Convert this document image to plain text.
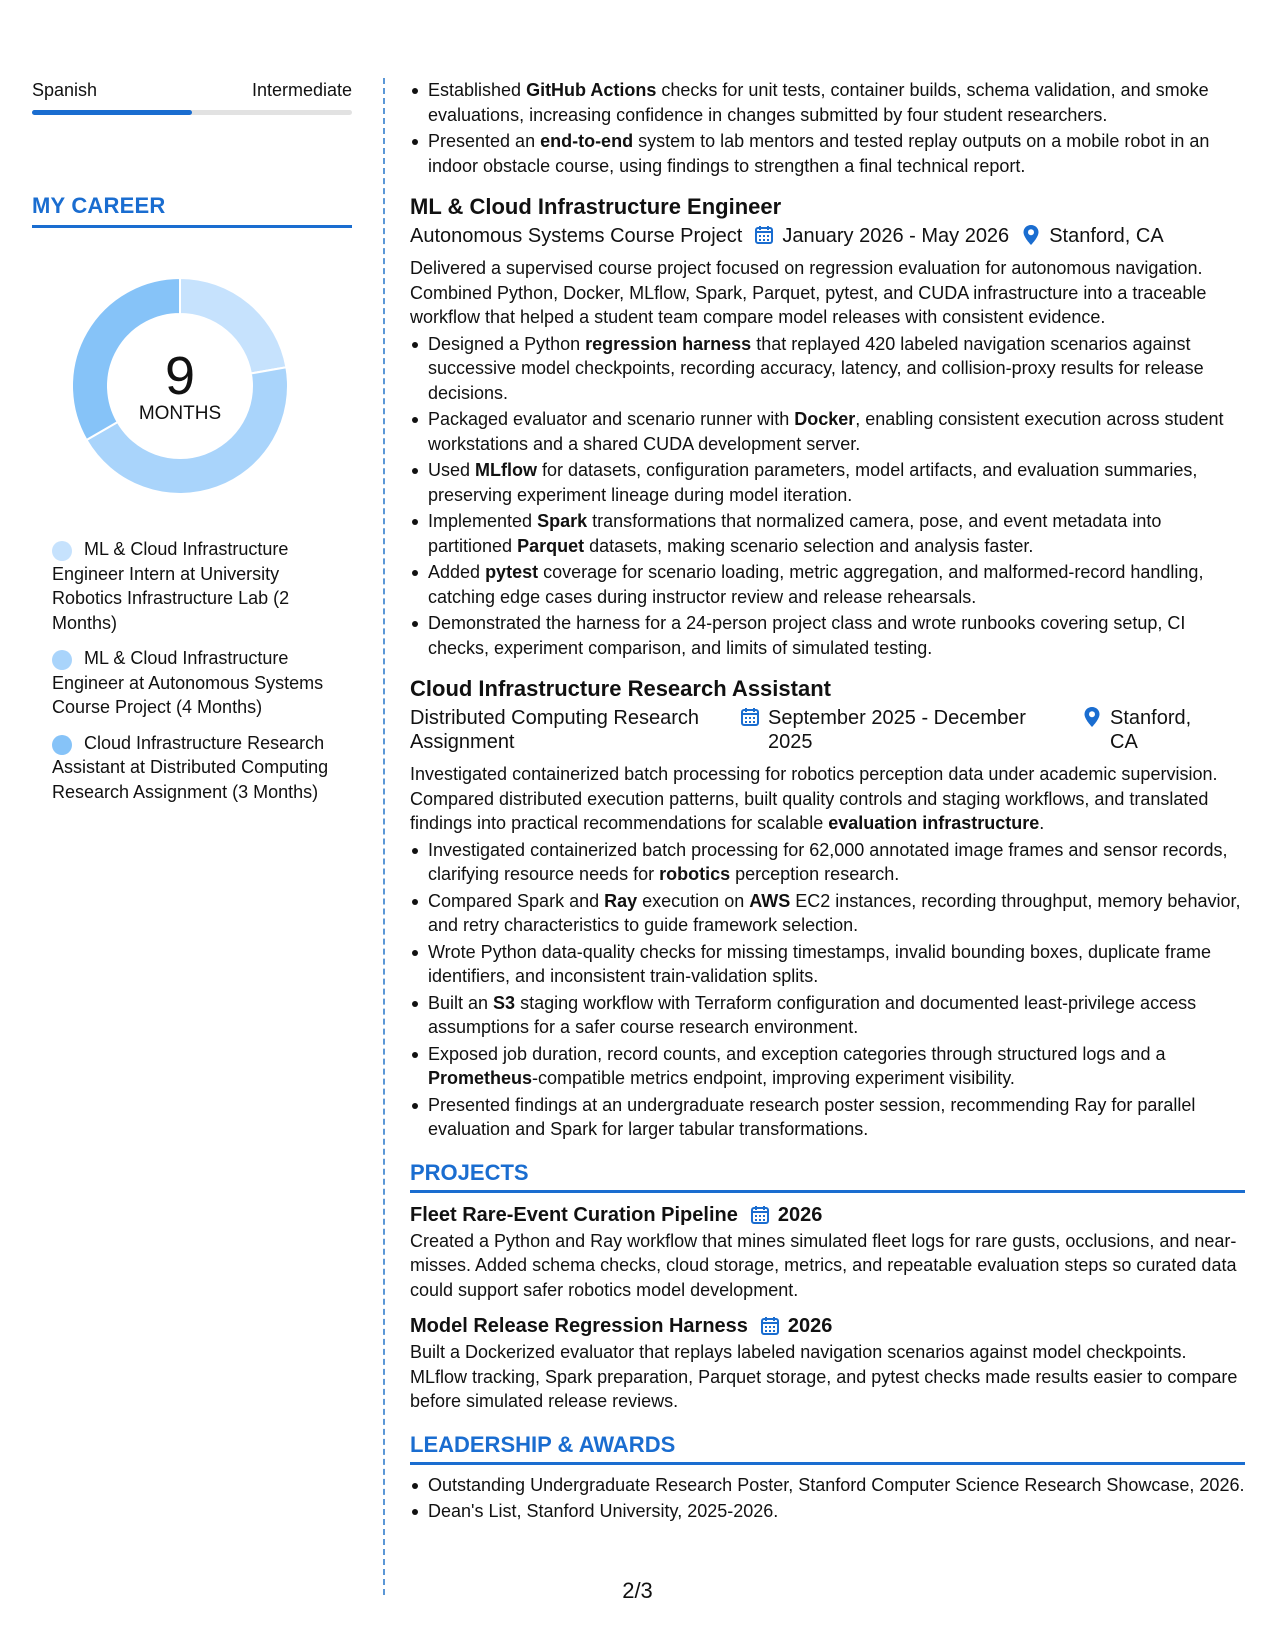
Spanish	Intermediate
MY CAREER
9
MONTHS
ML & Cloud Infrastructure Engineer Intern at University Robotics Infrastructure Lab (2 Months)
ML & Cloud Infrastructure Engineer at Autonomous Systems Course Project (4 Months)
Cloud Infrastructure Research Assistant at Distributed Computing Research Assignment (3 Months)
Established GitHub Actions checks for unit tests, container builds, schema validation, and smoke evaluations, increasing confidence in changes submitted by four student researchers.
Presented an end-to-end system to lab mentors and tested replay outputs on a mobile robot in an indoor obstacle course, using findings to strengthen a final technical report.
ML & Cloud Infrastructure Engineer
Autonomous Systems Course Project January 2026 - May 2026 Stanford, CA

Delivered a supervised course project focused on regression evaluation for autonomous navigation. Combined Python, Docker, MLflow, Spark, Parquet, pytest, and CUDA infrastructure into a traceable workflow that helped a student team compare model releases with consistent evidence.

Designed a Python regression harness that replayed 420 labeled navigation scenarios against successive model checkpoints, recording accuracy, latency, and collision-proxy results for release decisions.
Packaged evaluator and scenario runner with Docker, enabling consistent execution across student workstations and a shared CUDA development server.
Used MLflow for datasets, configuration parameters, model artifacts, and evaluation summaries, preserving experiment lineage during model iteration.
Implemented Spark transformations that normalized camera, pose, and event metadata into partitioned Parquet datasets, making scenario selection and analysis faster.
Added pytest coverage for scenario loading, metric aggregation, and malformed-record handling, catching edge cases during instructor review and release rehearsals.
Demonstrated the harness for a 24-person project class and wrote runbooks covering setup, CI checks, experiment comparison, and limits of simulated testing.
Cloud Infrastructure Research Assistant
Distributed Computing Research Assignment
September 2025 - December 2025
Stanford, CA

Investigated containerized batch processing for robotics perception data under academic supervision. Compared distributed execution patterns, built quality controls and staging workflows, and translated findings into practical recommendations for scalable evaluation infrastructure.

Investigated containerized batch processing for 62,000 annotated image frames and sensor records, clarifying resource needs for robotics perception research.
Compared Spark and Ray execution on AWS EC2 instances, recording throughput, memory behavior, and retry characteristics to guide framework selection.
Wrote Python data-quality checks for missing timestamps, invalid bounding boxes, duplicate frame identifiers, and inconsistent train-validation splits.
Built an S3 staging workflow with Terraform configuration and documented least-privilege access assumptions for a safer course research environment.
Exposed job duration, record counts, and exception categories through structured logs and a Prometheus-compatible metrics endpoint, improving experiment visibility.
Presented findings at an undergraduate research poster session, recommending Ray for parallel evaluation and Spark for larger tabular transformations.
PROJECTS
Fleet Rare-Event Curation Pipeline 2026

Created a Python and Ray workflow that mines simulated fleet logs for rare gusts, occlusions, and near-misses. Added schema checks, cloud storage, metrics, and repeatable evaluation steps so curated data could support safer robotics model development.

Model Release Regression Harness 2026

Built a Dockerized evaluator that replays labeled navigation scenarios against model checkpoints. MLflow tracking, Spark preparation, Parquet storage, and pytest checks made results easier to compare before simulated release reviews.

LEADERSHIP & AWARDS
Outstanding Undergraduate Research Poster, Stanford Computer Science Research Showcase, 2026.
Dean's List, Stanford University, 2025-2026.
2/3
